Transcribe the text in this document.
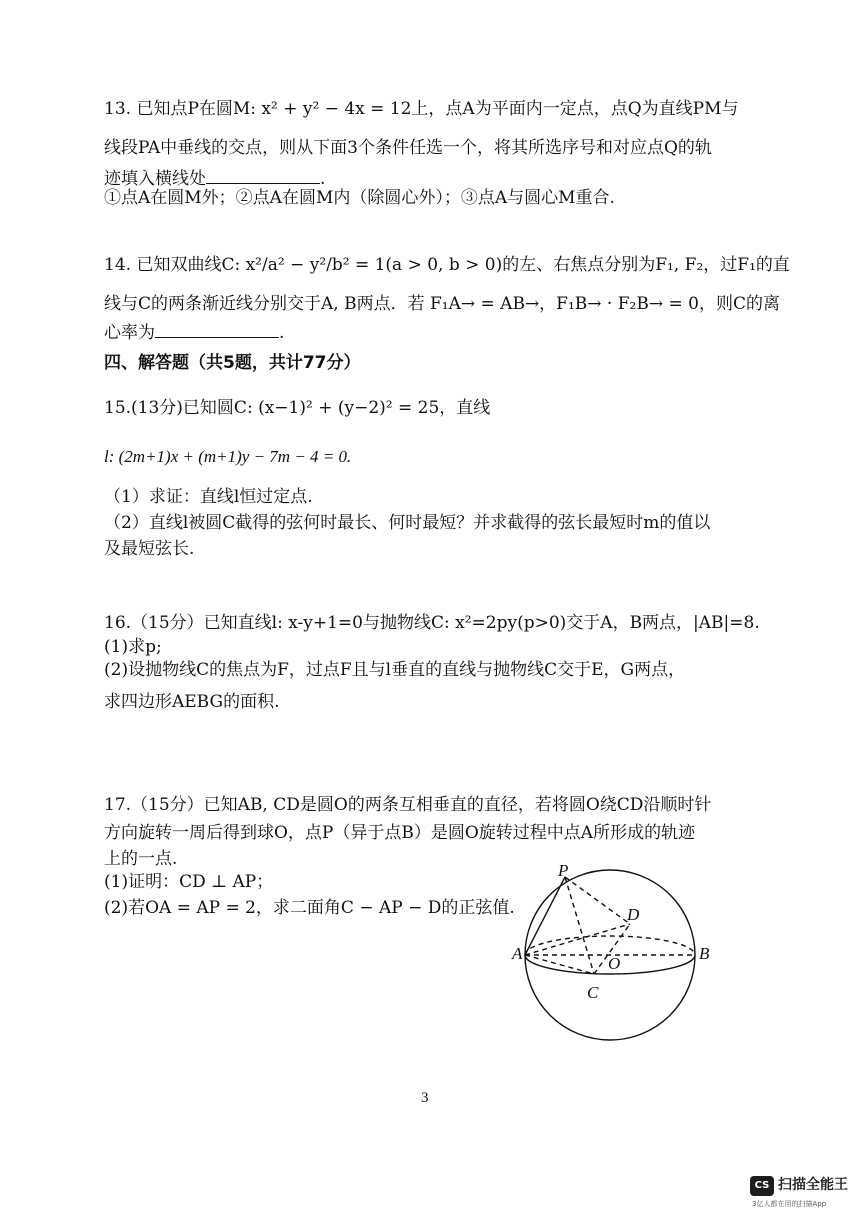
13. 已知点P在圆M: x² + y² − 4x = 12上，点A为平面内一定点，点Q为直线PM与
线段PA中垂线的交点，则从下面3个条件任选一个，将其所选序号和对应点Q的轨
迹填入横线处	.
①点A在圆M外；②点A在圆M内（除圆心外）；③点A与圆心M重合.
14. 已知双曲线C: x²/a² − y²/b² = 1(a > 0, b > 0)的左、右焦点分别为F₁, F₂，过F₁的直
线与C的两条渐近线分别交于A, B两点．若 F₁A→ = AB→，F₁B→ · F₂B→ = 0，则C的离
心率为	.
四、解答题（共5题，共计77分）
15.(13分)已知圆C: (x−1)² + (y−2)² = 25，直线
l: (2m+1)x + (m+1)y − 7m − 4 = 0.
（1）求证：直线l恒过定点.
（2）直线l被圆C截得的弦何时最长、何时最短？并求截得的弦长最短时m的值以
及最短弦长.
16.（15分）已知直线l: x-y+1=0与抛物线C: x²=2py(p>0)交于A，B两点，|AB|=8.
(1)求p;
(2)设抛物线C的焦点为F，过点F且与l垂直的直线与抛物线C交于E，G两点，
求四边形AEBG的面积.
17.（15分）已知AB, CD是圆O的两条互相垂直的直径，若将圆O绕CD沿顺时针
方向旋转一周后得到球O，点P（异于点B）是圆O旋转过程中点A所形成的轨迹
上的一点.
(1)证明：CD ⊥ AP；
(2)若OA = AP = 2，求二面角C − AP − D的正弦值.
P
D
A
O
B
C
3
CS 扫描全能王
3亿人都在用的扫描App
